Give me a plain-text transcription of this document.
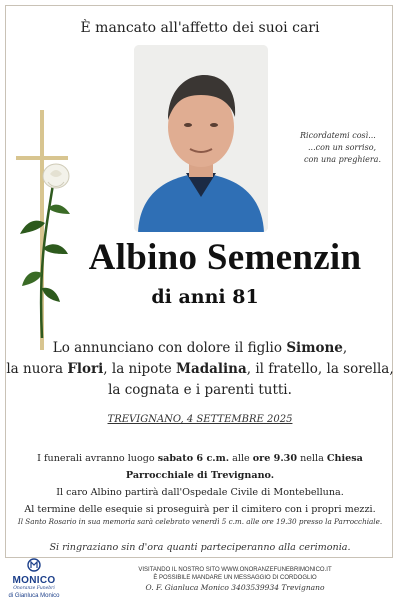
È mancato all'affetto dei suoi cari
Ricordatemi così...
...con un sorriso,
con una preghiera.
Albino Semenzin
di anni 81
Lo annunciano con dolore il figlio Simone,
la nuora Flori, la nipote Madalina, il fratello, la sorella,
la cognata e i parenti tutti.
TREVIGNANO, 4 SETTEMBRE 2025
I funerali avranno luogo sabato 6 c.m. alle ore 9.30 nella Chiesa
Parrocchiale di Trevignano.
Il caro Albino partirà dall'Ospedale Civile di Montebelluna.
Al termine delle esequie si proseguirà per il cimitero con i propri mezzi.
Il Santo Rosario in sua memoria sarà celebrato venerdì 5 c.m. alle ore 19.30 presso la Parrocchiale.
Si ringraziano sin d'ora quanti parteciperanno alla cerimonia.
MONICO
Onoranze Funebri
di Gianluca Monico
VISITANDO IL NOSTRO SITO WWW.ONORANZEFUNEBRIMONICO.IT
È POSSIBILE MANDARE UN MESSAGGIO DI CORDOGLIO
O. F. Gianluca Monico 3403539934 Trevignano
